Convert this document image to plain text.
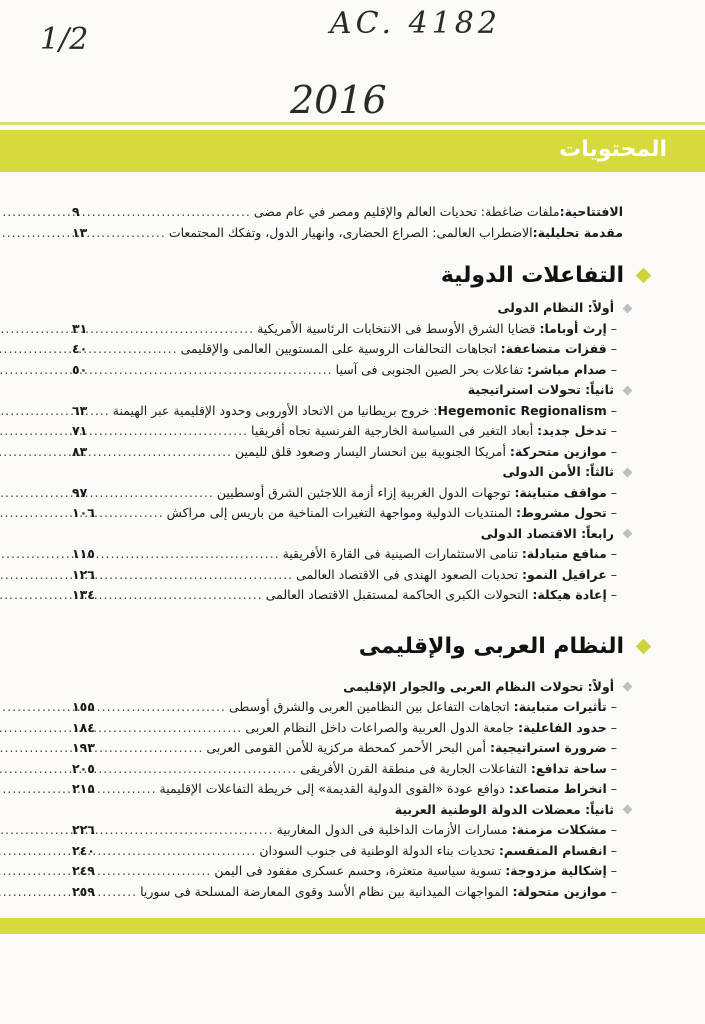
1/2	AC. 4182
2016
المحتويات
الافتتاحية:ملفات ضاغطة: تحديات العالم والإقليم ومصر في عام مضى
.....
٩
مقدمة تحليلية:الاضطراب العالمى: الصراع الحضارى، وانهيار الدول، وتفكك المجتمعات
.....
١٣
التفاعلات الدولية
أولاً: النظام الدولى
–إرث أوباما: قضايا الشرق الأوسط فى الانتخابات الرئاسية الأمريكية
.....
٣١
–قفزات متضاعفة: اتجاهات التحالفات الروسية على المستويين العالمى والإقليمى
.....
٤٠
–صدام مباشر: تفاعلات بحر الصين الجنوبى فى آسيا
.....
٥٠
ثانياً: تحولات استراتيجية
–Hegemonic Regionalism: خروج بريطانيا من الاتحاد الأوروبى وحدود الإقليمية عبر الهيمنة
.....
٦٣
–تدخل جديد: أبعاد التغير فى السياسة الخارجية الفرنسية تجاه أفريقيا
.....
٧١
–موازين متحركة: أمريكا الجنوبية بين انحسار اليسار وصعود قلق لليمين
.....
٨٣
ثالثاً: الأمن الدولى
–مواقف متباينة: توجهات الدول الغربية إزاء أزمة اللاجئين الشرق أوسطيين
.....
٩٧
–تحول مشروط: المنتديات الدولية ومواجهة التغيرات المناخية من باريس إلى مراكش
.....
١٠٦
رابعاً: الاقتصاد الدولى
–منافع متبادلة: تنامى الاستثمارات الصينية فى القارة الأفريقية
.....
١١٥
–عراقيل النمو: تحديات الصعود الهندى فى الاقتصاد العالمى
.....
١٢٦
–إعادة هيكلة: التحولات الكبرى الحاكمة لمستقبل الاقتصاد العالمى
.....
١٣٤
النظام العربى والإقليمى
أولاً: تحولات النظام العربى والجوار الإقليمى
–تأثيرات متباينة: اتجاهات التفاعل بين النظامين العربى والشرق أوسطى
.....
١٥٥
–حدود الفاعلية: جامعة الدول العربية والصراعات داخل النظام العربى
.....
١٨٤
–ضرورة استراتيجية: أمن البحر الأحمر كمحطة مركزية للأمن القومى العربى
.....
١٩٣
–ساحة تدافع: التفاعلات الجارية فى منطقة القرن الأفريقى
.....
٢٠٥
–انخراط متصاعد: دوافع عودة «القوى الدولية القديمة» إلى خريطة التفاعلات الإقليمية
.....
٢١٥
ثانياً: معضلات الدولة الوطنية العربية
–مشكلات مزمنة: مسارات الأزمات الداخلية فى الدول المغاربية
.....
٢٢٦
–انقسام المنقسم: تحديات بناء الدولة الوطنية فى جنوب السودان
.....
٢٤٠
–إشكالية مزدوجة: تسوية سياسية متعثرة، وحسم عسكرى مفقود فى اليمن
.....
٢٤٩
–موازين متحولة: المواجهات الميدانية بين نظام الأسد وقوى المعارضة المسلحة فى سوريا
.....
٢٥٩
